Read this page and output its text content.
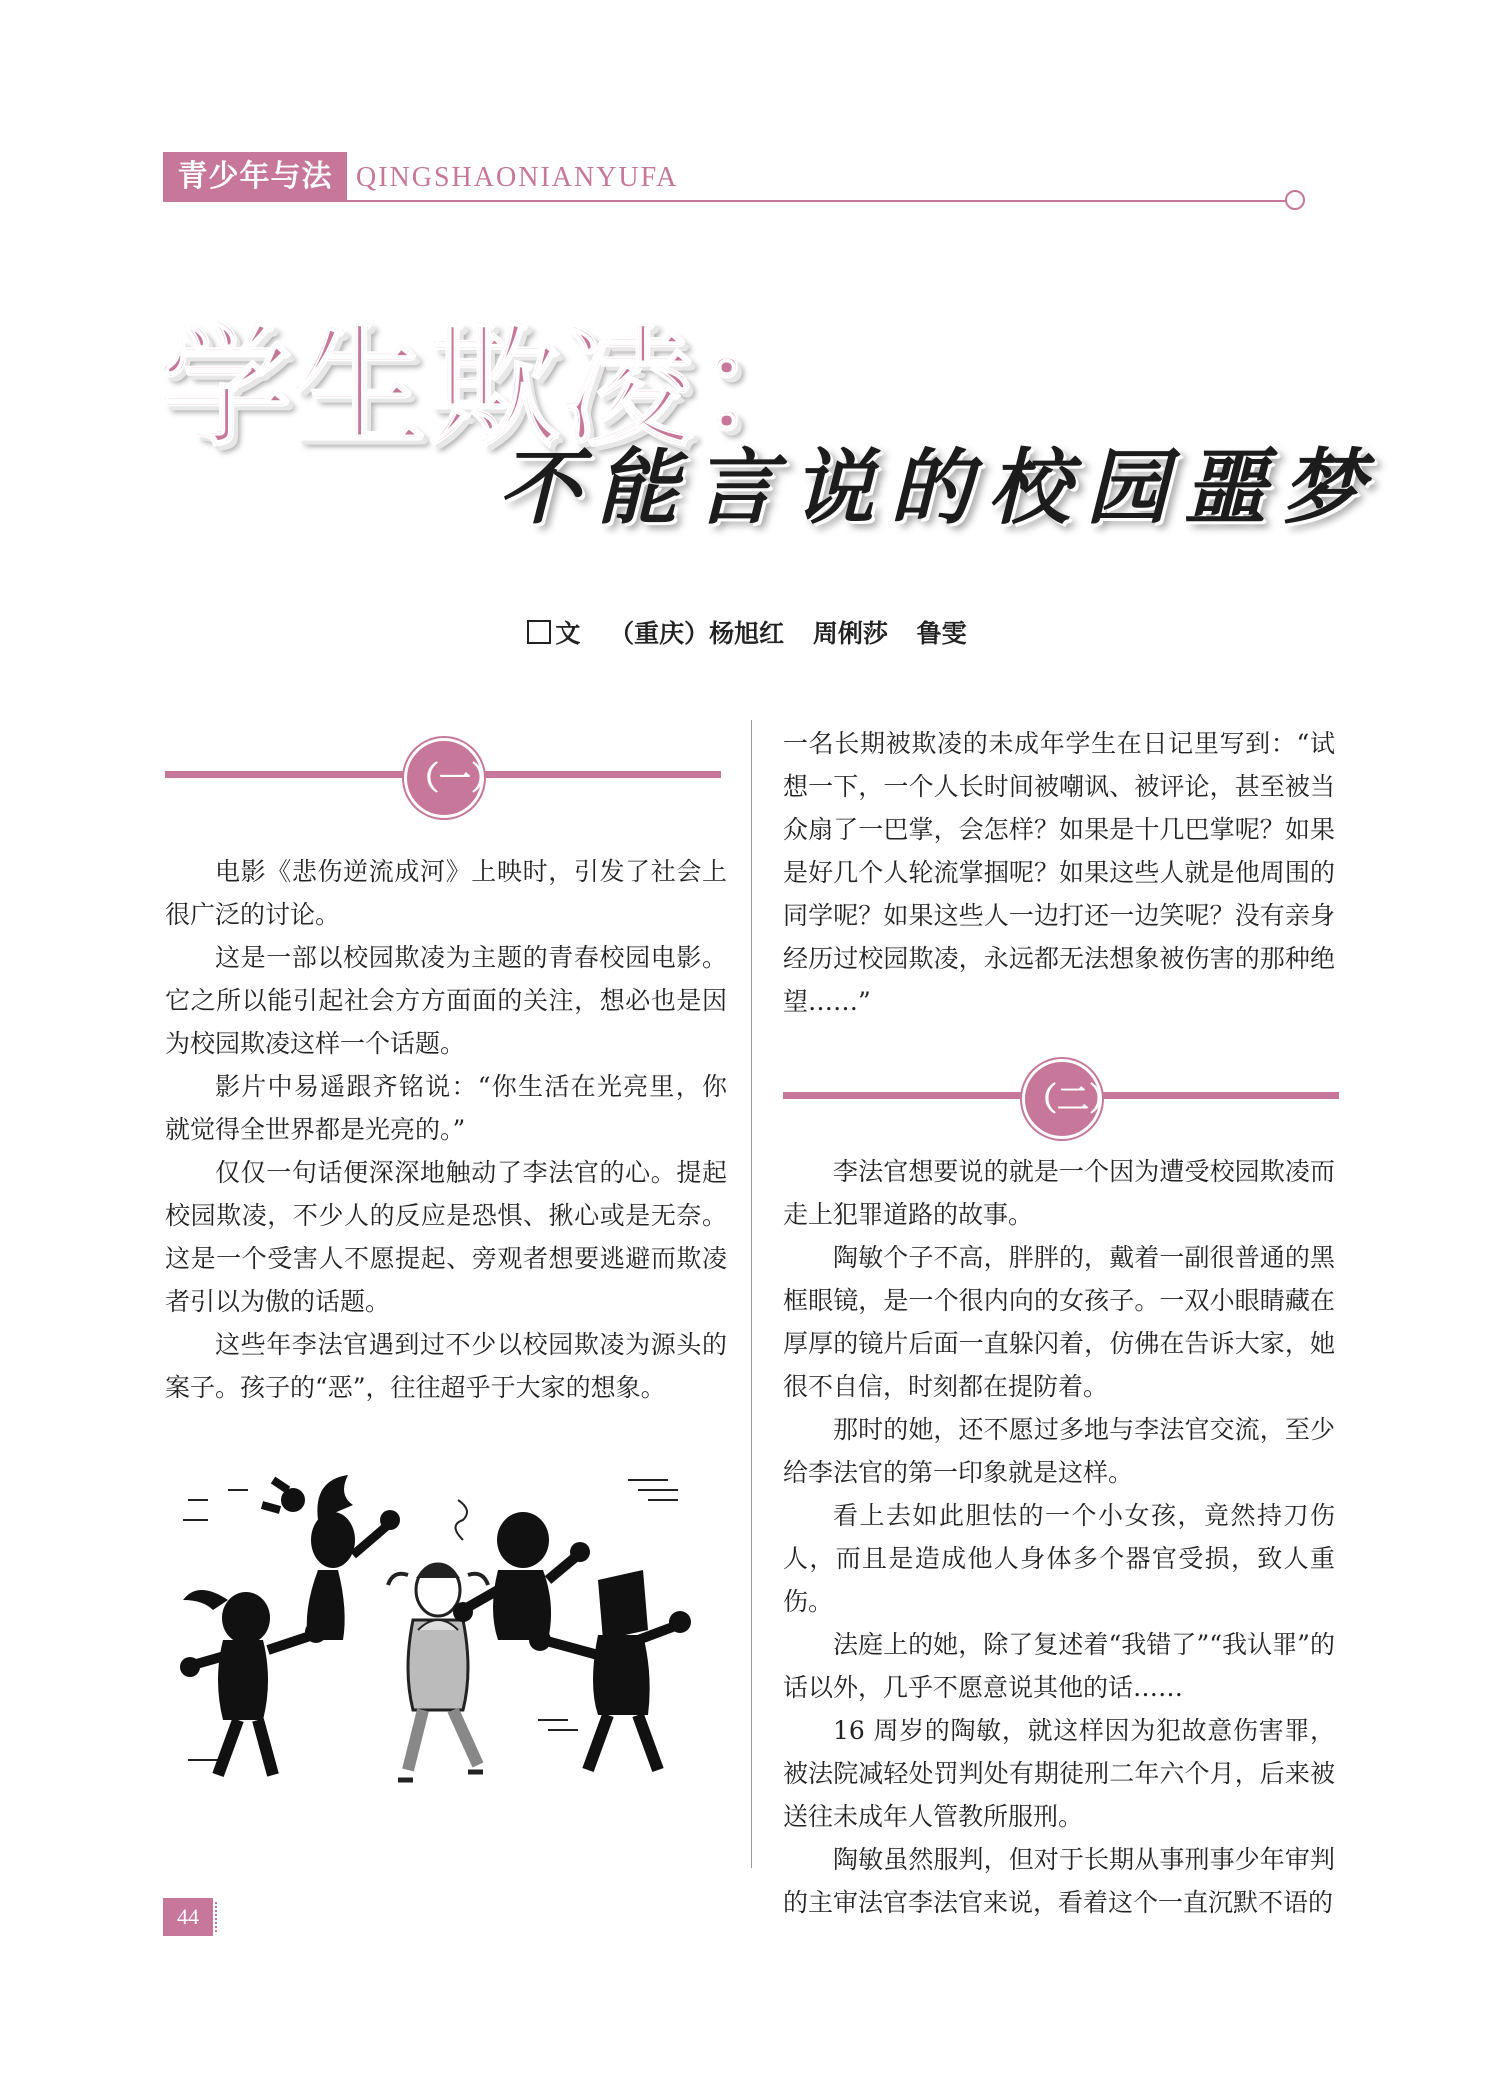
青少年与法 QINGSHAONIANYUFA
学生欺凌：
不能言说的校园噩梦
文 （重庆）杨旭红 周俐莎 鲁雯
（一）

电影《悲伤逆流成河》上映时，引发了社会上很广泛的讨论。

这是一部以校园欺凌为主题的青春校园电影。它之所以能引起社会方方面面的关注，想必也是因为校园欺凌这样一个话题。

影片中易遥跟齐铭说：“你生活在光亮里，你就觉得全世界都是光亮的。”

仅仅一句话便深深地触动了李法官的心。提起校园欺凌，不少人的反应是恐惧、揪心或是无奈。这是一个受害人不愿提起、旁观者想要逃避而欺凌者引以为傲的话题。

这些年李法官遇到过不少以校园欺凌为源头的案子。孩子的“恶”，往往超乎于大家的想象。

一名长期被欺凌的未成年学生在日记里写到：“试想一下，一个人长时间被嘲讽、被评论，甚至被当众扇了一巴掌，会怎样？如果是十几巴掌呢？如果是好几个人轮流掌掴呢？如果这些人就是他周围的同学呢？如果这些人一边打还一边笑呢？没有亲身经历过校园欺凌，永远都无法想象被伤害的那种绝望……”

（二）

李法官想要说的就是一个因为遭受校园欺凌而走上犯罪道路的故事。

陶敏个子不高，胖胖的，戴着一副很普通的黑框眼镜，是一个很内向的女孩子。一双小眼睛藏在厚厚的镜片后面一直躲闪着，仿佛在告诉大家，她很不自信，时刻都在提防着。

那时的她，还不愿过多地与李法官交流，至少给李法官的第一印象就是这样。

看上去如此胆怯的一个小女孩，竟然持刀伤人，而且是造成他人身体多个器官受损，致人重伤。

法庭上的她，除了复述着“我错了”“我认罪”的话以外，几乎不愿意说其他的话……

16 周岁的陶敏，就这样因为犯故意伤害罪，被法院减轻处罚判处有期徒刑二年六个月，后来被送往未成年人管教所服刑。

陶敏虽然服判，但对于长期从事刑事少年审判的主审法官李法官来说，看着这个一直沉默不语的

44
